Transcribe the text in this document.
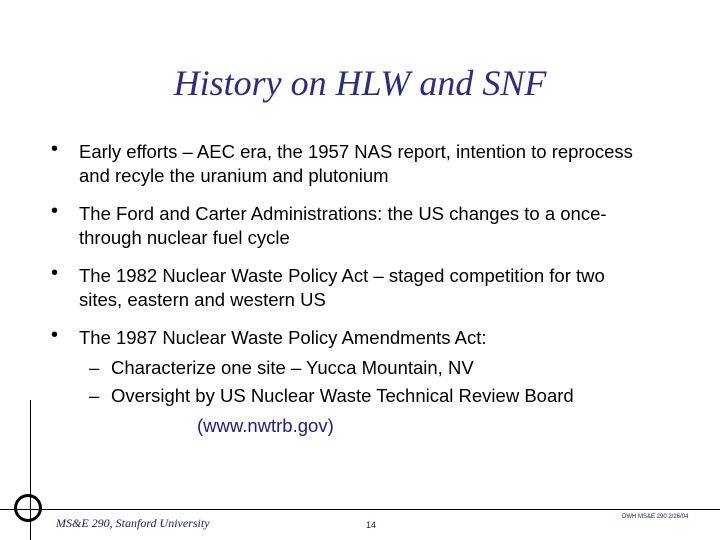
History on HLW and SNF
• Early efforts – AEC era, the 1957 NAS report, intention to reprocess
and recyle the uranium and plutonium
• The Ford and Carter Administrations: the US changes to a once-
through nuclear fuel cycle
• The 1982 Nuclear Waste Policy Act – staged competition for two
sites, eastern and western US
• The 1987 Nuclear Waste Policy Amendments Act:
– Characterize one site – Yucca Mountain, NV
– Oversight by US Nuclear Waste Technical Review Board
(www.nwtrb.gov)
MS&E 290, Stanford University	14
DWH MS&E 290 2/26/04
